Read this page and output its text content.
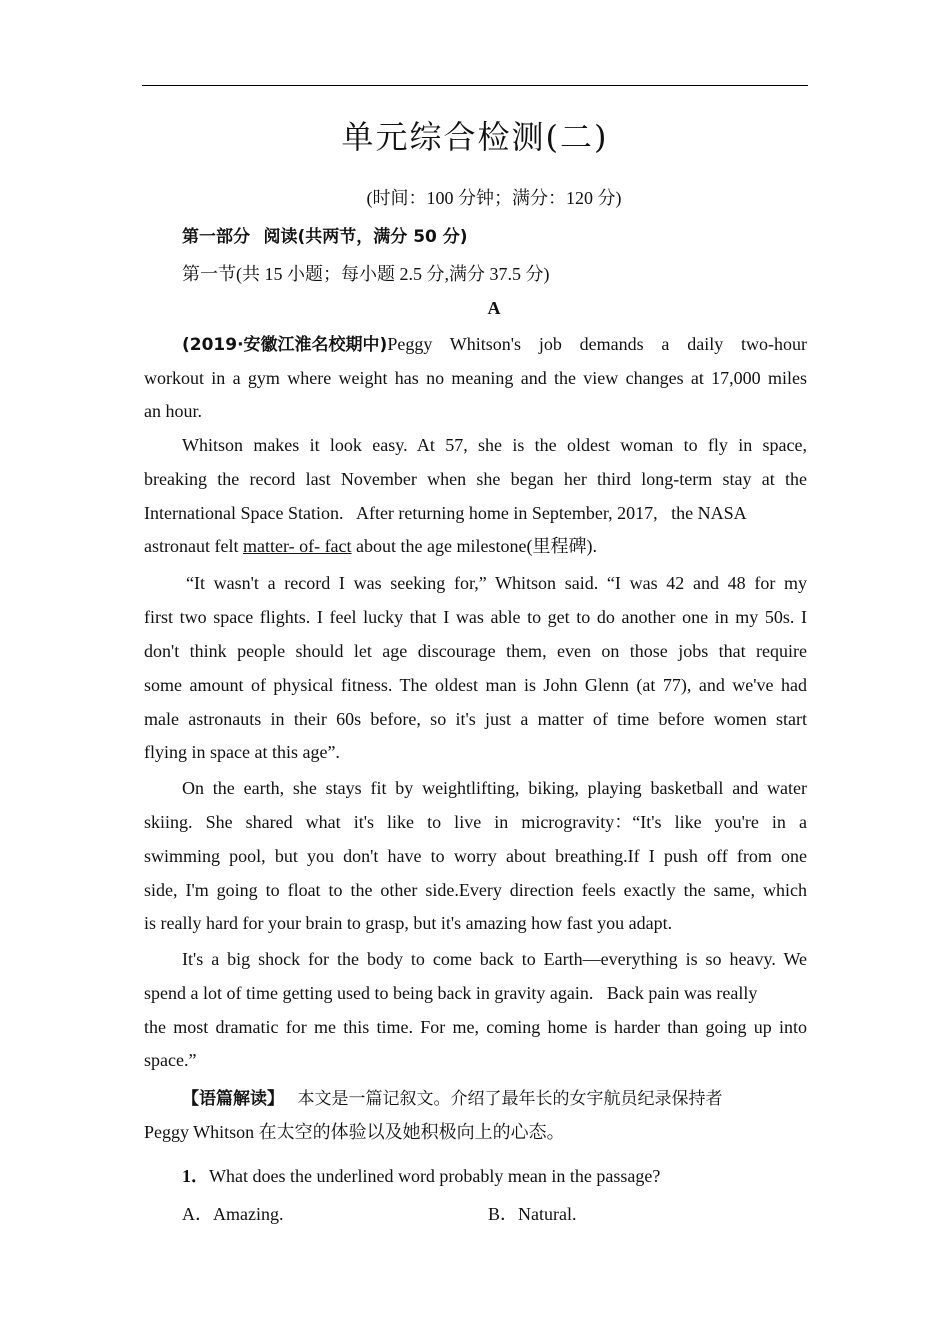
单元综合检测(二)
(时间：100 分钟；满分：120 分)
第一部分 阅读(共两节，满分 50 分)
第一节(共 15 小题；每小题 2.5 分,满分 37.5 分)
A
(2019·安徽江淮名校期中)Peggy Whitson's job demands a daily two-hour
workout in a gym where weight has no meaning and the view changes at 17,000 miles
an hour.
Whitson makes it look easy. At 57, she is the oldest woman to fly in space,
breaking the record last November when she began her third long-term stay at the
International Space Station.   After returning home in September, 2017,   the NASA
astronaut felt matter- of- fact about the age milestone(里程碑).
“It wasn't a record I was seeking for,” Whitson said. “I was 42 and 48 for my
first two space flights. I feel lucky that I was able to get to do another one in my 50s. I
don't think people should let age discourage them, even on those jobs that require
some amount of physical fitness. The oldest man is John Glenn (at 77), and we've had
male astronauts in their 60s before, so it's just a matter of time before women start
flying in space at this age”.
On the earth, she stays fit by weightlifting, biking, playing basketball and water
skiing. She shared what it's like to live in microgravity：“It's like you're in a
swimming pool, but you don't have to worry about breathing.If I push off from one
side, I'm going to float to the other side.Every direction feels exactly the same, which
is really hard for your brain to grasp, but it's amazing how fast you adapt.
It's a big shock for the body to come back to Earth—everything is so heavy. We
spend a lot of time getting used to being back in gravity again.   Back pain was really
the most dramatic for me this time. For me, coming home is harder than going up into
space.”
【语篇解读】 本文是一篇记叙文。介绍了最年长的女宇航员纪录保持者
Peggy Whitson 在太空的体验以及她积极向上的心态。
1．What does the underlined word probably mean in the passage?
A．Amazing.	B．Natural.
